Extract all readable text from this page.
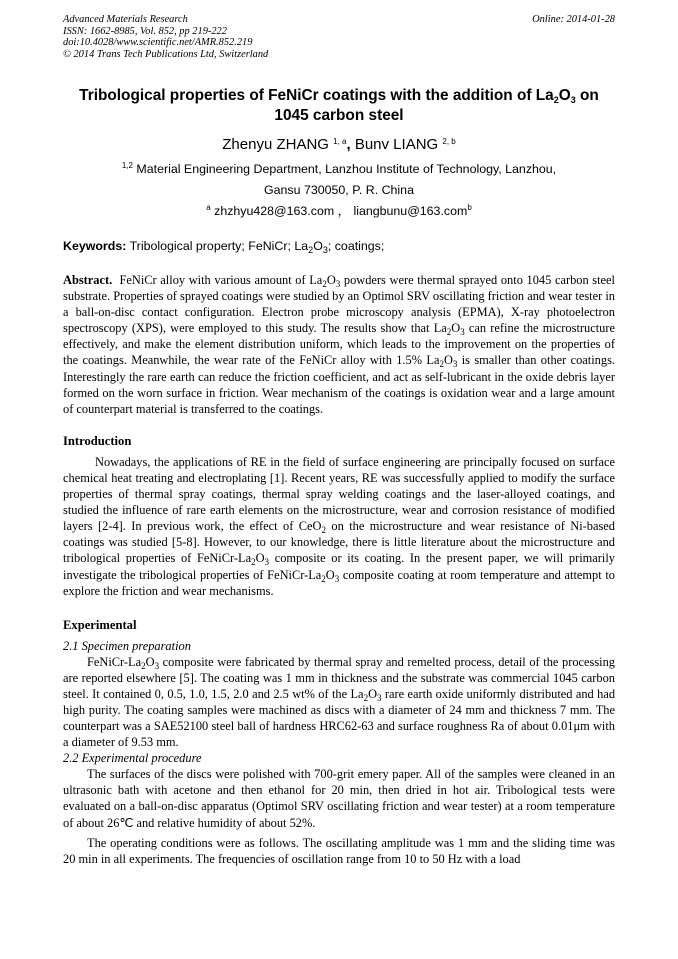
Advanced Materials Research
ISSN: 1662-8985, Vol. 852, pp 219-222
doi:10.4028/www.scientific.net/AMR.852.219
© 2014 Trans Tech Publications Ltd, Switzerland
Online: 2014-01-28
Tribological properties of FeNiCr coatings with the addition of $La_2O_3$ on 1045 carbon steel
Zhenyu ZHANG $^{1, a}$, Bunv LIANG $^{2, b}$
$^{1,2}$ Material Engineering Department, Lanzhou Institute of Technology, Lanzhou,
Gansu 730050, P. R. China
$^a$ zhzhyu428@163.com ， liangbunu@163.com$^b$
Keywords: Tribological property; FeNiCr; $La_2O_3$; coatings;

Abstract. FeNiCr alloy with various amount of $La_2O_3$ powders were thermal sprayed onto 1045 carbon steel substrate. Properties of sprayed coatings were studied by an Optimol SRV oscillating friction and wear tester in a ball-on-disc contact configuration. Electron probe microscopy analysis (EPMA), X-ray photoelectron spectroscopy (XPS), were employed to this study. The results show that $La_2O_3$ can refine the microstructure effectively, and make the element distribution uniform, which leads to the improvement on the properties of the coatings. Meanwhile, the wear rate of the FeNiCr alloy with 1.5% $La_2O_3$ is smaller than other coatings. Interestingly the rare earth can reduce the friction coefficient, and act as self-lubricant in the oxide debris layer formed on the worn surface in friction. Wear mechanism of the coatings is oxidation wear and a large amount of counterpart material is transferred to the coatings.

Introduction

Nowadays, the applications of RE in the field of surface engineering are principally focused on surface chemical heat treating and electroplating [1]. Recent years, RE was successfully applied to modify the surface properties of thermal spray coatings, thermal spray welding coatings and the laser-alloyed coatings, and studied the influence of rare earth elements on the microstructure, wear and corrosion resistance of modified layers [2-4]. In previous work, the effect of CeO$_2$ on the microstructure and wear resistance of Ni-based coatings was studied [5-8]. However, to our knowledge, there is little literature about the microstructure and tribological properties of FeNiCr-$La_2O_3$ composite or its coating. In the present paper, we will primarily investigate the tribological properties of FeNiCr-$La_2O_3$ composite coating at room temperature and attempt to explore the friction and wear mechanisms.

Experimental
2.1 Specimen preparation

FeNiCr-$La_2O_3$ composite were fabricated by thermal spray and remelted process, detail of the processing are reported elsewhere [5]. The coating was 1 mm in thickness and the substrate was commercial 1045 carbon steel. It contained 0, 0.5, 1.0, 1.5, 2.0 and 2.5 wt% of the $La_2O_3$ rare earth oxide uniformly distributed and had high purity. The coating samples were machined as discs with a diameter of 24 mm and thickness 7 mm. The counterpart was a SAE52100 steel ball of hardness HRC62-63 and surface roughness Ra of about 0.01μm with a diameter of 9.53 mm.

2.2 Experimental procedure

The surfaces of the discs were polished with 700-grit emery paper. All of the samples were cleaned in an ultrasonic bath with acetone and then ethanol for 20 min, then dried in hot air. Tribological tests were evaluated on a ball-on-disc apparatus (Optimol SRV oscillating friction and wear tester) at a room temperature of about 26℃ and relative humidity of about 52%.

The operating conditions were as follows. The oscillating amplitude was 1 mm and the sliding time was 20 min in all experiments. The frequencies of oscillation range from 10 to 50 Hz with a load
